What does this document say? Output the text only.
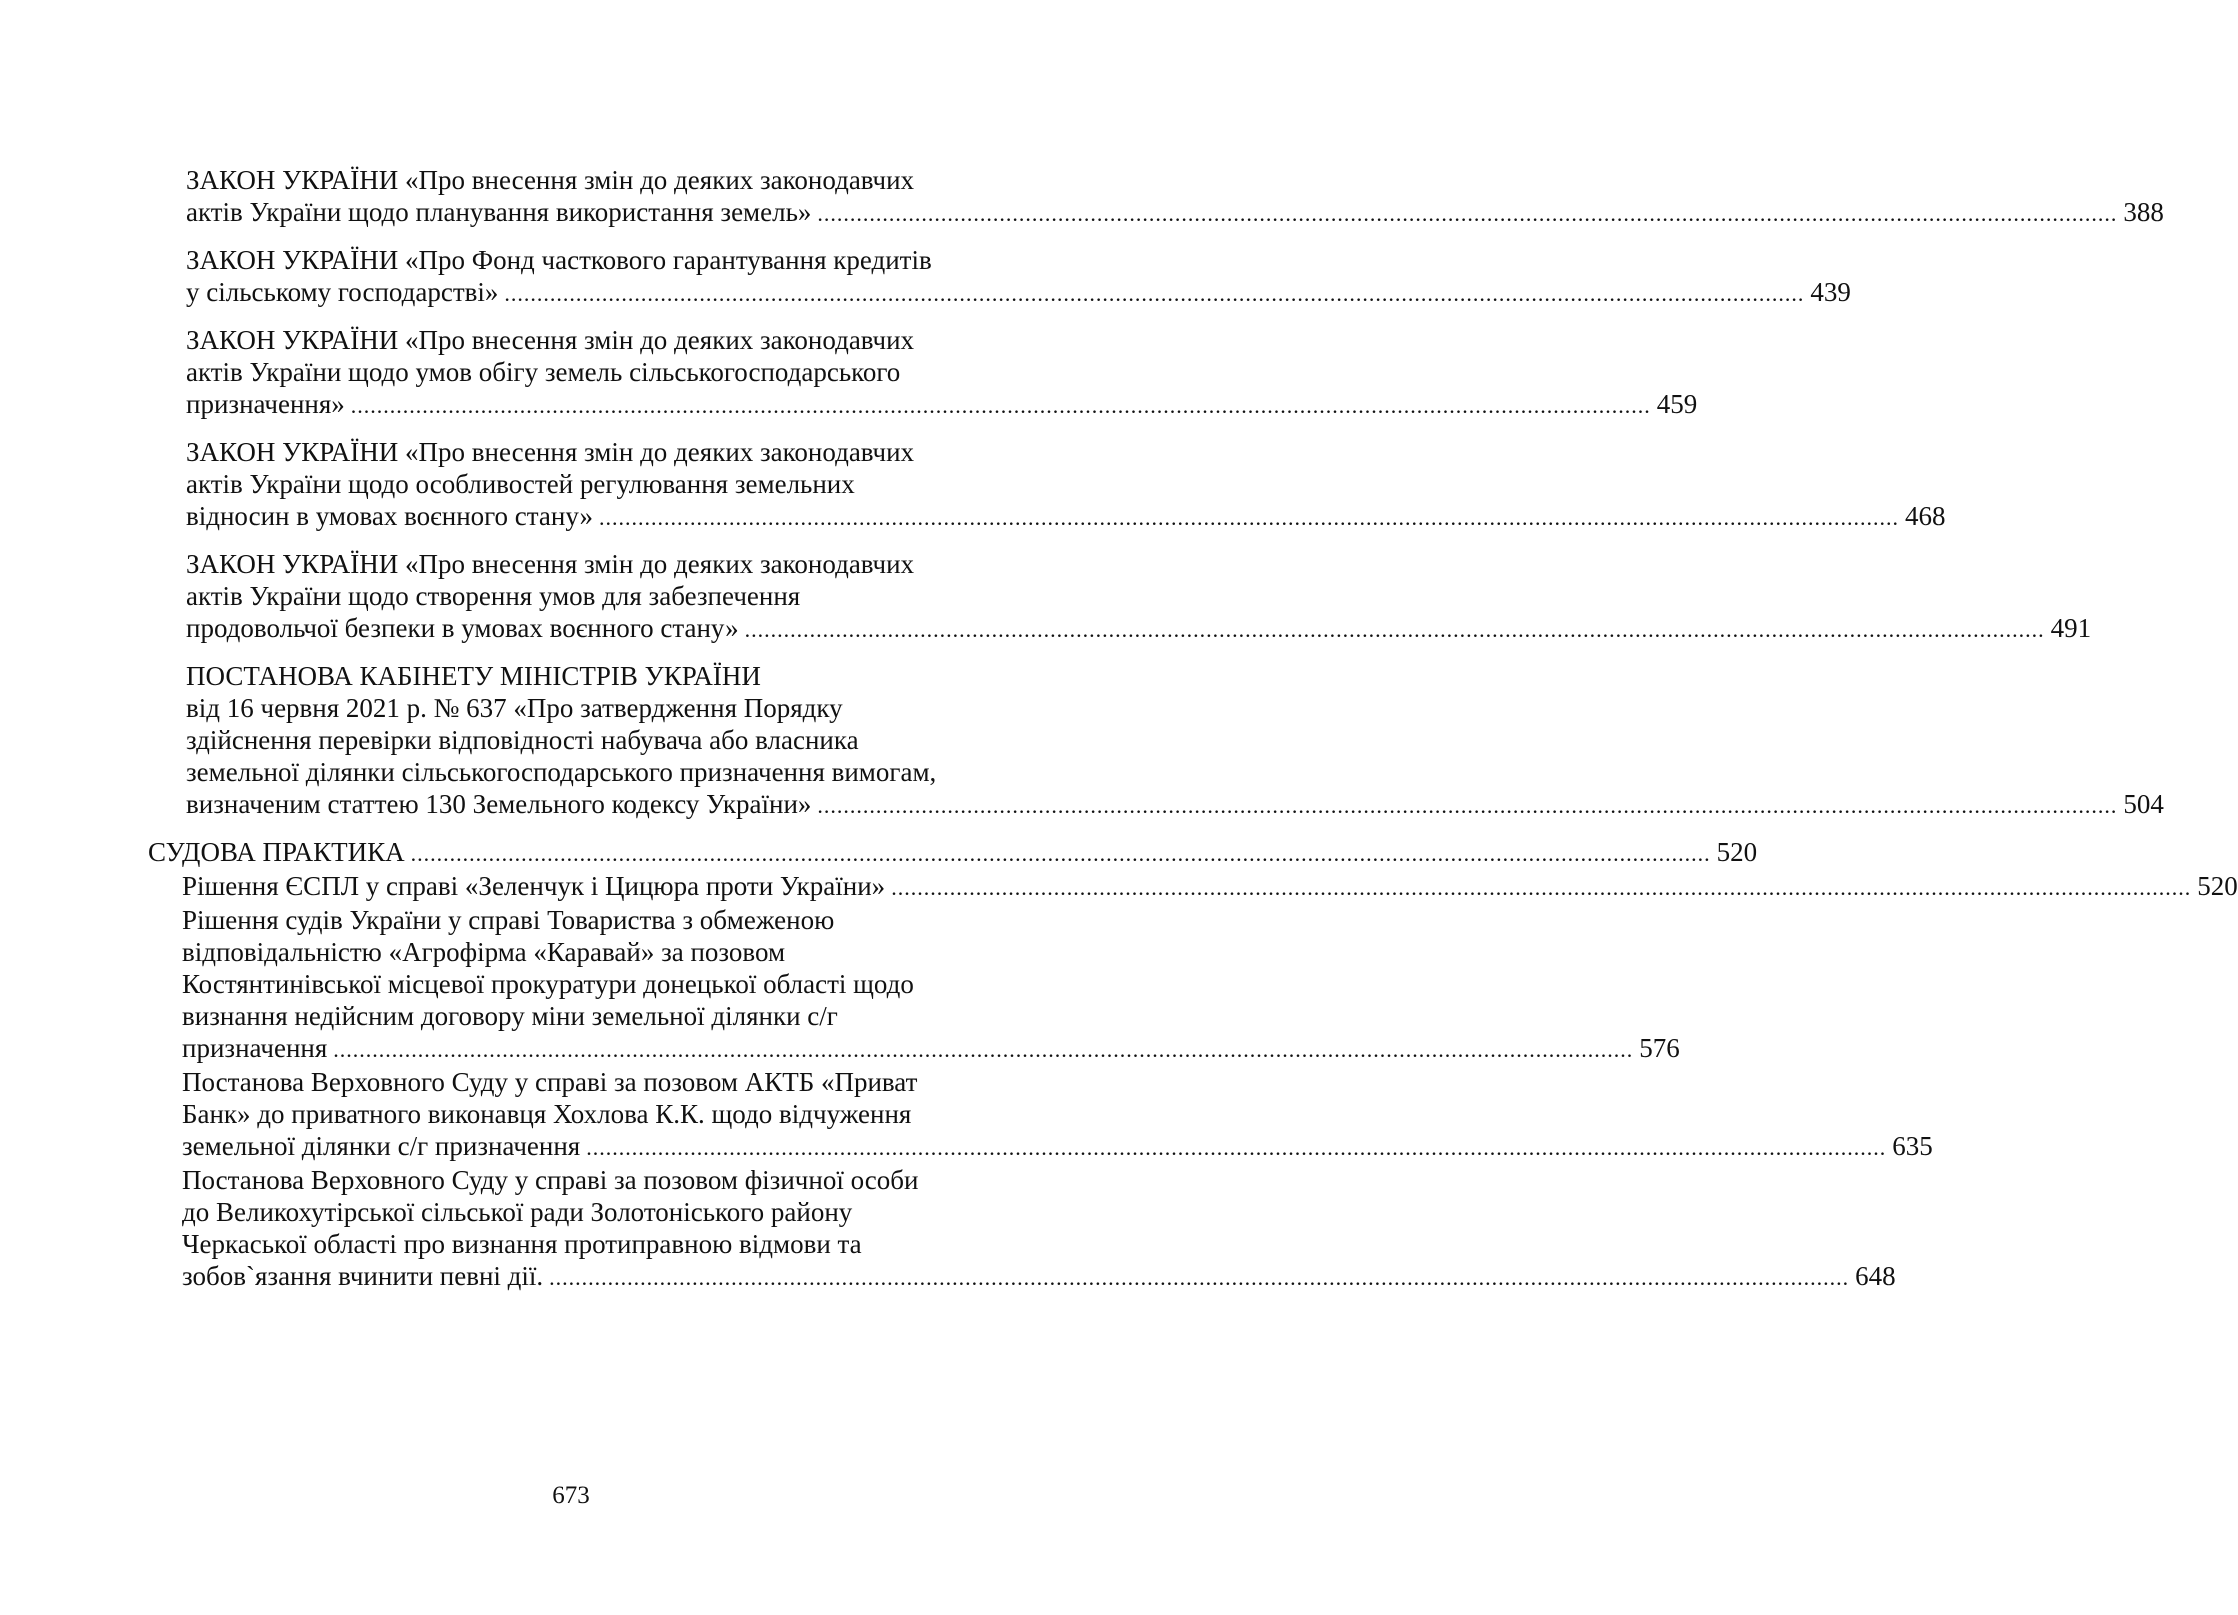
ЗАКОН УКРАЇНИ «Про внесення змін до деяких законодавчих
актів України щодо планування використання земель» ........................................................................................................................................................................................................ 388
ЗАКОН УКРАЇНИ «Про Фонд часткового гарантування кредитів
у сільському господарстві» ........................................................................................................................................................................................................ 439
ЗАКОН УКРАЇНИ «Про внесення змін до деяких законодавчих
актів України щодо умов обігу земель сільськогосподарського
призначення» ........................................................................................................................................................................................................ 459
ЗАКОН УКРАЇНИ «Про внесення змін до деяких законодавчих
актів України щодо особливостей регулювання земельних
відносин в умовах воєнного стану» ........................................................................................................................................................................................................ 468
ЗАКОН УКРАЇНИ «Про внесення змін до деяких законодавчих
актів України щодо створення умов для забезпечення
продовольчої безпеки в умовах воєнного стану» ........................................................................................................................................................................................................ 491
ПОСТАНОВА КАБІНЕТУ МІНІСТРІВ УКРАЇНИ
від 16 червня 2021 р. № 637 «Про затвердження Порядку
здійснення перевірки відповідності набувача або власника
земельної ділянки сільськогосподарського призначення вимогам,
визначеним статтею 130 Земельного кодексу України» ........................................................................................................................................................................................................ 504
СУДОВА ПРАКТИКА ........................................................................................................................................................................................................ 520
Рішення ЄСПЛ у справі «Зеленчук і Цицюра проти України» ........................................................................................................................................................................................................ 520
Рішення судів України у справі Товариства з обмеженою
відповідальністю «Агрофірма «Каравай» за позовом
Костянтинівської місцевої прокуратури донецької області щодо
визнання недійсним договору міни земельної ділянки с/г
призначення ........................................................................................................................................................................................................ 576
Постанова Верховного Суду у справі за позовом АКТБ «Приват
Банк» до приватного виконавця Хохлова К.К. щодо відчуження
земельної ділянки с/г призначення ........................................................................................................................................................................................................ 635
Постанова Верховного Суду у справі за позовом фізичної особи
до Великохутірської сільської ради Золотоніського району
Черкаської області про визнання протиправною відмови та
зобов`язання вчинити певні дії. ........................................................................................................................................................................................................ 648
673
